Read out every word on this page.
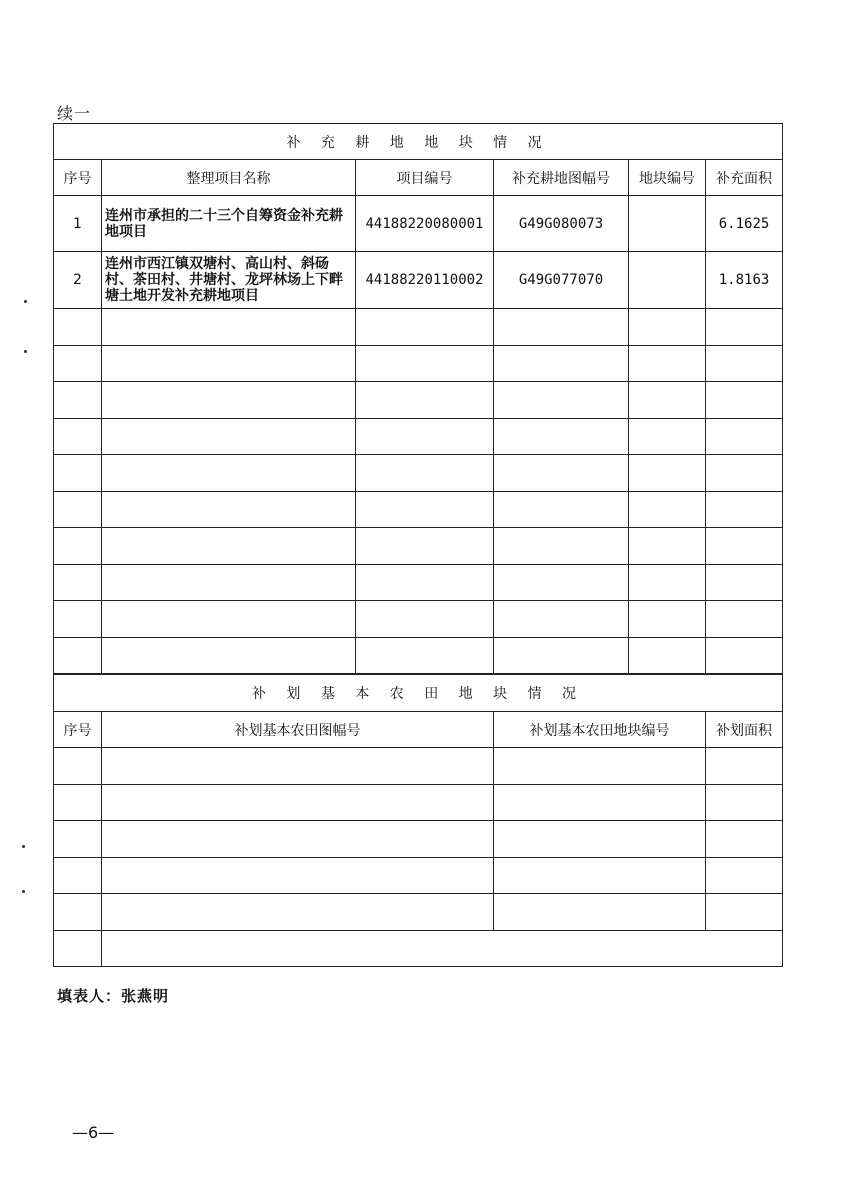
续一
补 充 耕 地 地 块 情 况					
序号	整理项目名称	项目编号	补充耕地图幅号	地块编号	补充面积
1	连州市承担的二十三个自筹资金补充耕地项目	44188220080001	G49G080073		6.1625
2	连州市西江镇双塘村、高山村、斜砀村、茶田村、井塘村、龙坪林场上下畔塘土地开发补充耕地项目	44188220110002	G49G077070		1.8163

补 划 基 本 农 田 地 块 情 况			
序号	补划基本农田图幅号	补划基本农田地块编号	补划面积

填表人：张燕明
—6—
